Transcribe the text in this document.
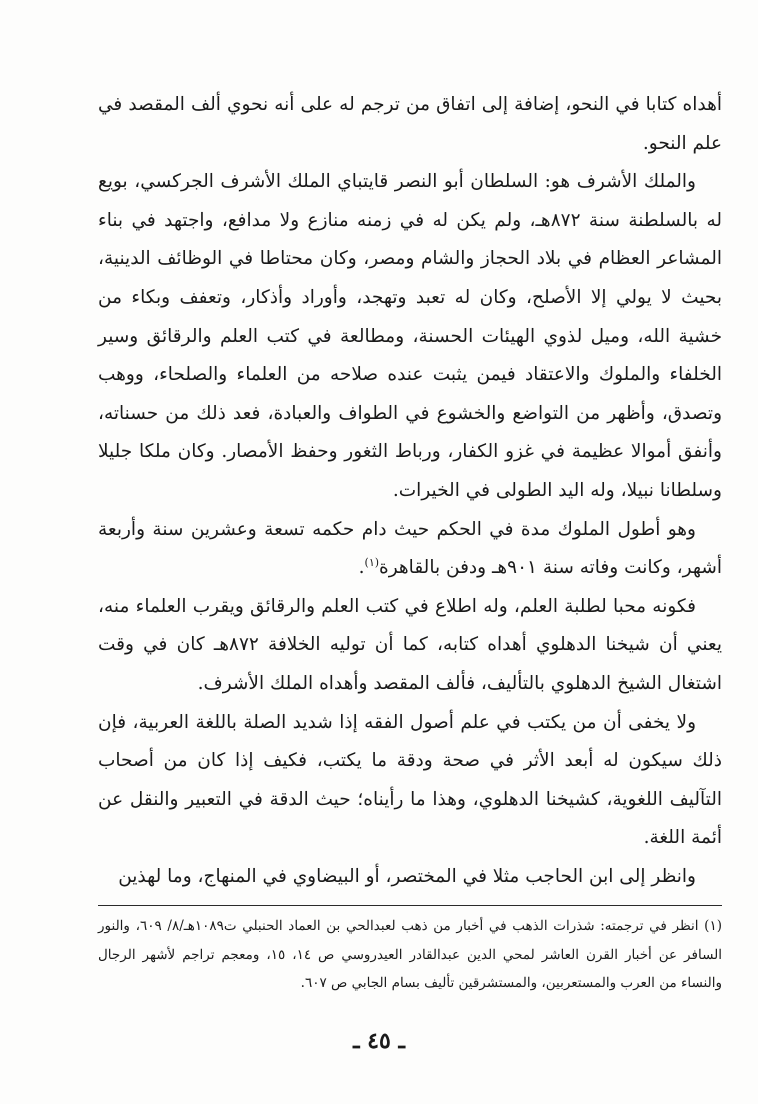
أهداه كتابا في النحو، إضافة إلى اتفاق من ترجم له على أنه نحوي ألف المقصد في علم النحو.

والملك الأشرف هو: السلطان أبو النصر قايتباي الملك الأشرف الجركسي، بويع له بالسلطنة سنة ٨٧٢هـ، ولم يكن له في زمنه منازع ولا مدافع، واجتهد في بناء المشاعر العظام في بلاد الحجاز والشام ومصر، وكان محتاطا في الوظائف الدينية، بحيث لا يولي إلا الأصلح، وكان له تعبد وتهجد، وأوراد وأذكار، وتعفف وبكاء من خشية الله، وميل لذوي الهيئات الحسنة، ومطالعة في كتب العلم والرقائق وسير الخلفاء والملوك والاعتقاد فيمن يثبت عنده صلاحه من العلماء والصلحاء، ووهب وتصدق، وأظهر من التواضع والخشوع في الطواف والعبادة، فعد ذلك من حسناته، وأنفق أموالا عظيمة في غزو الكفار، ورباط الثغور وحفظ الأمصار. وكان ملكا جليلا وسلطانا نبيلا، وله اليد الطولى في الخيرات.

وهو أطول الملوك مدة في الحكم حيث دام حكمه تسعة وعشرين سنة وأربعة أشهر، وكانت وفاته سنة ٩٠١هـ ودفن بالقاهرة$^{(١)}$.

فكونه محبا لطلبة العلم، وله اطلاع في كتب العلم والرقائق ويقرب العلماء منه، يعني أن شيخنا الدهلوي أهداه كتابه، كما أن توليه الخلافة ٨٧٢هـ كان في وقت اشتغال الشيخ الدهلوي بالتأليف، فألف المقصد وأهداه الملك الأشرف.

ولا يخفى أن من يكتب في علم أصول الفقه إذا شديد الصلة باللغة العربية، فإن ذلك سيكون له أبعد الأثر في صحة ودقة ما يكتب، فكيف إذا كان من أصحاب التآليف اللغوية، كشيخنا الدهلوي، وهذا ما رأيناه؛ حيث الدقة في التعبير والنقل عن أئمة اللغة.

وانظر إلى ابن الحاجب مثلا في المختصر، أو البيضاوي في المنهاج، وما لهذين

(١) انظر في ترجمته: شذرات الذهب في أخبار من ذهب لعبدالحي بن العماد الحنبلي ت١٠٨٩هـ/٨/ ٦٠٩، والنور السافر عن أخبار القرن العاشر لمحي الدين عبدالقادر العيدروسي ص ١٤، ١٥، ومعجم تراجم لأشهر الرجال والنساء من العرب والمستعربين، والمستشرقين تأليف بسام الجابي ص ٦٠٧.

ـ ٤٥ ـ
